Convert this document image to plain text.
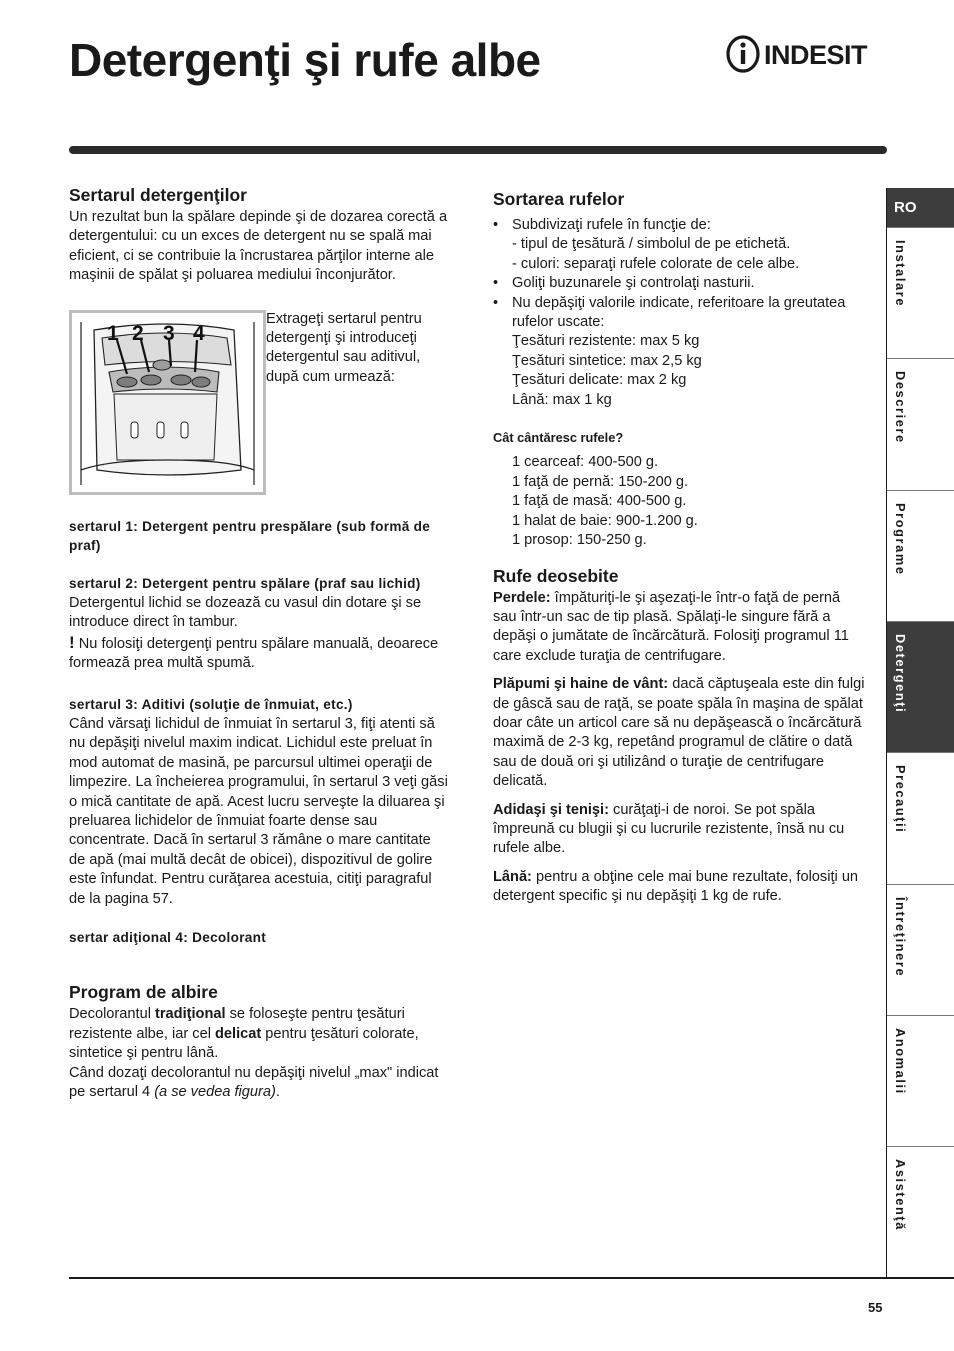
Detergenţi şi rufe albe	INDESIT
Sertarul detergenţilor

Un rezultat bun la spălare depinde şi de dozarea corectă a detergentului: cu un exces de detergent nu se spală mai eficient, ci se contribuie la încrustarea părţilor interne ale maşinii de spălat şi poluarea mediului înconjurător.

1 2 3 4

Extrageţi sertarul pentru detergenţi şi introduceţi detergentul sau aditivul, după cum urmează:

sertarul 1: Detergent pentru prespălare (sub formă de praf)

sertarul 2: Detergent pentru spălare (praf sau lichid)

Detergentul lichid se dozează cu vasul din dotare şi se introduce direct în tambur.

! Nu folosiţi detergenţi pentru spălare manuală, deoarece formează prea multă spumă.

sertarul 3: Aditivi (soluţie de înmuiat, etc.)

Când vărsaţi lichidul de înmuiat în sertarul 3, fiţi atenti să nu depăşiţi nivelul maxim indicat. Lichidul este preluat în mod automat de masină, pe parcursul ultimei operaţii de limpezire. La încheierea programului, în sertarul 3 veţi găsi o mică cantitate de apă. Acest lucru serveşte la diluarea şi preluarea lichidelor de înmuiat foarte dense sau concentrate. Dacă în sertarul 3 rămâne o mare cantitate de apă (mai multă decât de obicei), dispozitivul de golire este înfundat. Pentru curăţarea acestuia, citiţi paragraful de la pagina 57.

sertar adiţional 4: Decolorant

Program de albire

Decolorantul tradiţional se foloseşte pentru ţesături rezistente albe, iar cel delicat pentru ţesături colorate, sintetice şi pentru lână.

Când dozaţi decolorantul nu depăşiţi nivelul „max" indicat pe sertarul 4 (a se vedea figura).

Sortarea rufelor
• Subdivizaţi rufele în funcţie de:
- tipul de ţesătură / simbolul de pe etichetă.
- culori: separaţi rufele colorate de cele albe.
• Goliţi buzunarele şi controlaţi nasturii.
• Nu depăşiţi valorile indicate, referitoare la greutatea rufelor uscate:
Ţesături rezistente: max 5 kg
Ţesături sintetice: max 2,5 kg
Ţesături delicate: max 2 kg
Lână: max 1 kg

Cât cântăresc rufele?

1 cearceaf: 400-500 g.
1 faţă de pernă: 150-200 g.
1 faţă de masă: 400-500 g.
1 halat de baie: 900-1.200 g.
1 prosop: 150-250 g.
Rufe deosebite

Perdele: împăturiţi-le şi aşezaţi-le într-o faţă de pernă sau într-un sac de tip plasă. Spălaţi-le singure fără a depăşi o jumătate de încărcătură. Folosiţi programul 11 care exclude turaţia de centrifugare.

Plăpumi şi haine de vânt: dacă căptuşeala este din fulgi de gâscă sau de raţă, se poate spăla în maşina de spălat doar câte un articol care să nu depăşească o încărcătură maximă de 2-3 kg, repetând programul de clătire o dată sau de două ori şi utilizând o turaţie de centrifugare delicată.

Adidaşi şi tenişi: curăţaţi-i de noroi. Se pot spăla împreună cu blugii şi cu lucrurile rezistente, însă nu cu rufele albe.

Lână: pentru a obţine cele mai bune rezultate, folosiţi un detergent specific şi nu depăşiţi 1 kg de rufe.

RO
Instalare
Descriere
Programe
Detergenţi
Precauţii
Întreţinere
Anomalii
Asistenţă
55
